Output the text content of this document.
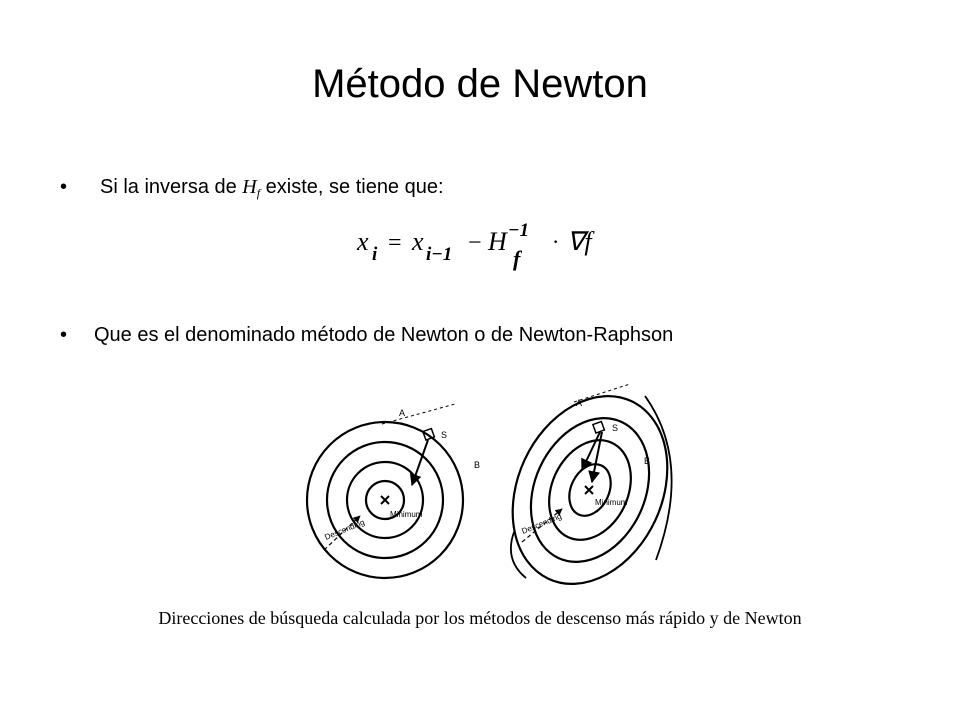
Método de Newton
• Si la inversa de $H_f$ existe, se tiene que:
x i = x i−1 − H −1
f
· ∇f
• Que es el denominado método de Newton o de Newton-Raphson
A
S
B
Minimum
Descending
A
S
B
Minimum
Descending
Direcciones de búsqueda calculada por los métodos de descenso más rápido y de Newton
